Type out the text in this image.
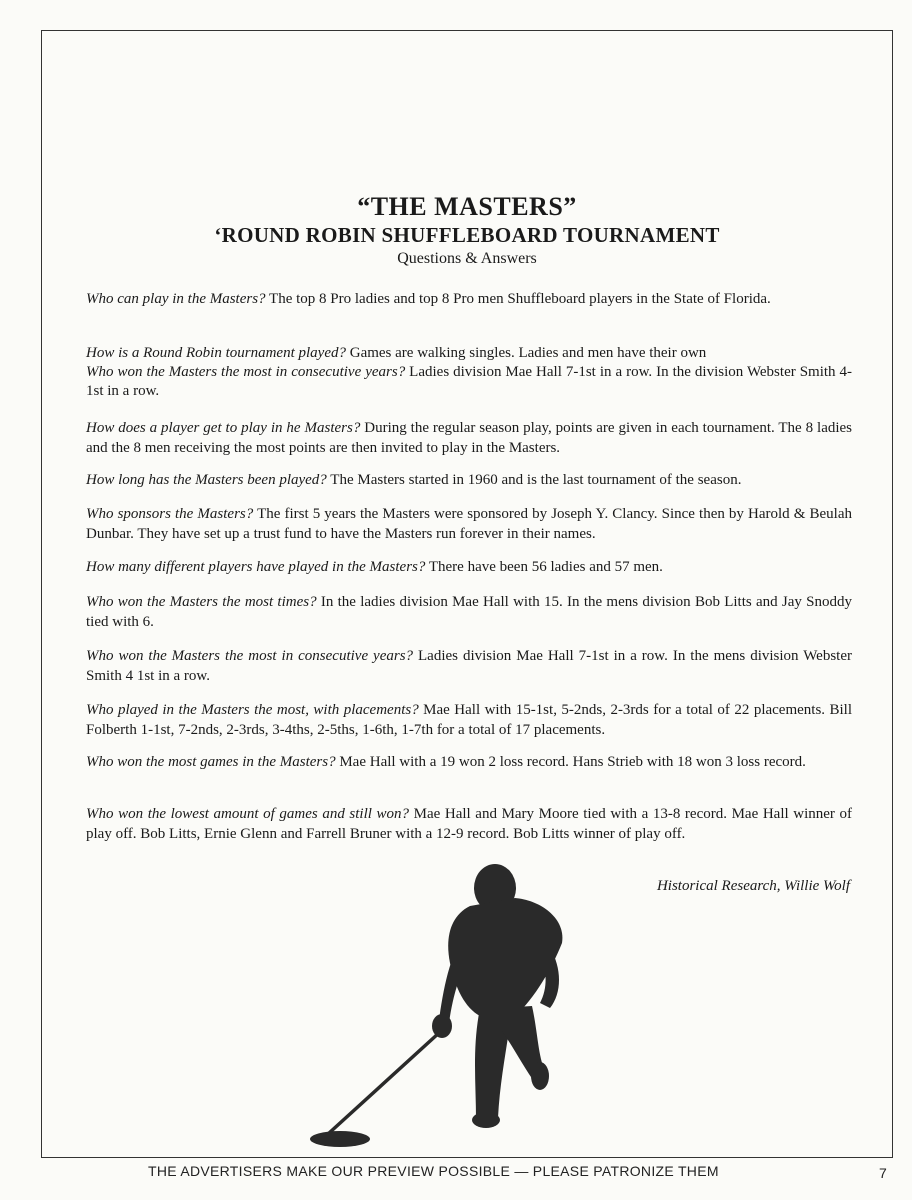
“THE MASTERS”
‘ROUND ROBIN SHUFFLEBOARD TOURNAMENT
Questions & Answers
Who can play in the Masters? The top 8 Pro ladies and top 8 Pro men Shuffleboard players in the State of Florida.
How is a Round Robin tournament played? Games are walking singles. Ladies and men have their own
Who won the Masters the most in consecutive years? Ladies division Mae Hall 7-1st in a row. In the division Webster Smith 4-1st in a row.
How does a player get to play in he Masters? During the regular season play, points are given in each tournament. The 8 ladies and the 8 men receiving the most points are then invited to play in the Masters.
How long has the Masters been played? The Masters started in 1960 and is the last tournament of the season.
Who sponsors the Masters? The first 5 years the Masters were sponsored by Joseph Y. Clancy. Since then by Harold & Beulah Dunbar. They have set up a trust fund to have the Masters run forever in their names.
How many different players have played in the Masters? There have been 56 ladies and 57 men.
Who won the Masters the most times? In the ladies division Mae Hall with 15. In the mens division Bob Litts and Jay Snoddy tied with 6.
Who won the Masters the most in consecutive years? Ladies division Mae Hall 7-1st in a row. In the mens division Webster Smith 4 1st in a row.
Who played in the Masters the most, with placements? Mae Hall with 15-1st, 5-2nds, 2-3rds for a total of 22 placements. Bill Folberth 1-1st, 7-2nds, 2-3rds, 3-4ths, 2-5ths, 1-6th, 1-7th for a total of 17 placements.
Who won the most games in the Masters? Mae Hall with a 19 won 2 loss record. Hans Strieb with 18 won 3 loss record.
Who won the lowest amount of games and still won? Mae Hall and Mary Moore tied with a 13-8 record. Mae Hall winner of play off. Bob Litts, Ernie Glenn and Farrell Bruner with a 12-9 record. Bob Litts winner of play off.
Historical Research, Willie Wolf
THE ADVERTISERS MAKE OUR PREVIEW POSSIBLE — PLEASE PATRONIZE THEM	7
